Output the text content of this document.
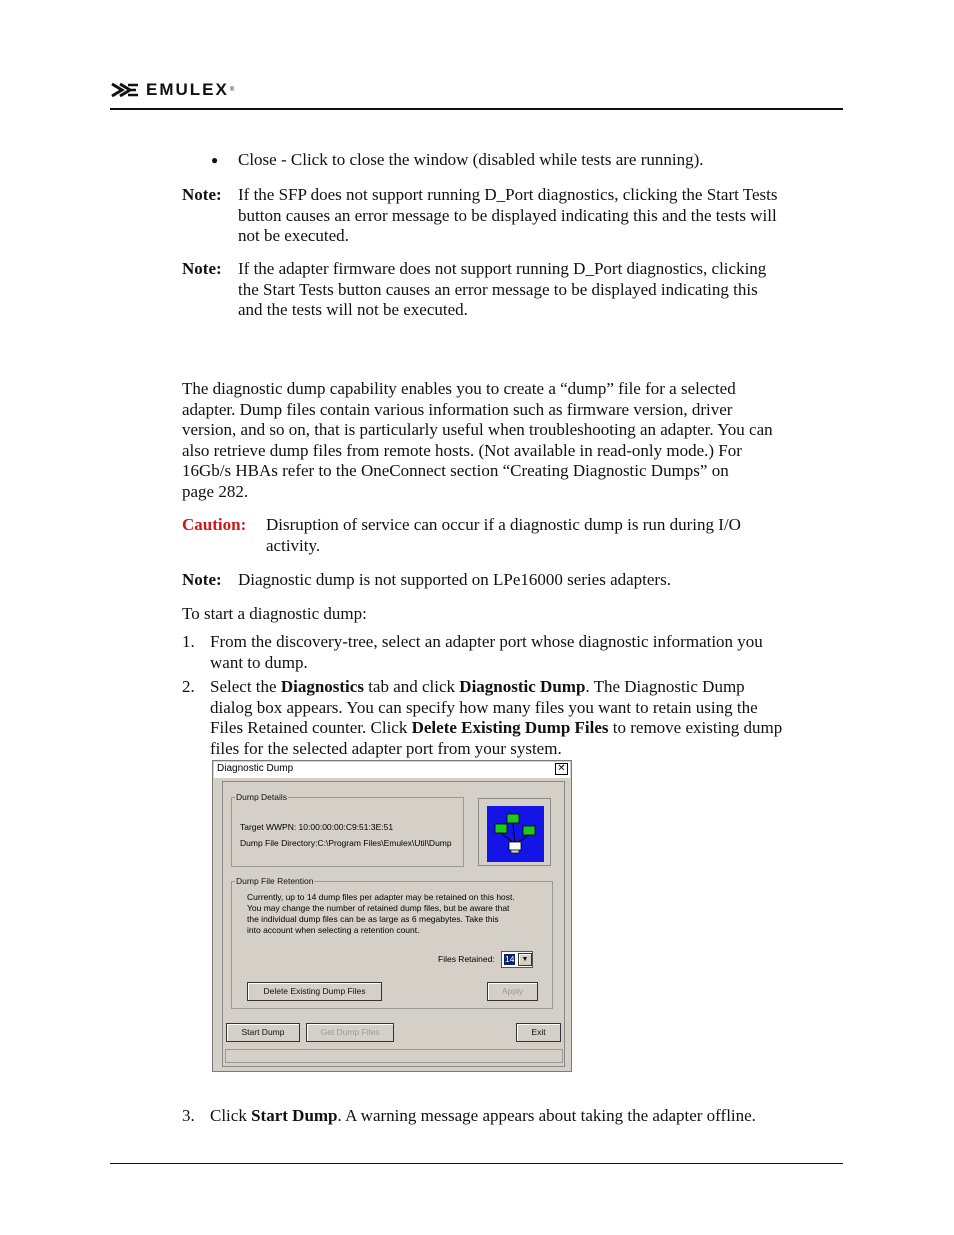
EMULEX ®
● Close - Click to close the window (disabled while tests are running).
Note: If the SFP does not support running D_Port diagnostics, clicking the Start Tests
button causes an error message to be displayed indicating this and the tests will
not be executed.
Note: If the adapter firmware does not support running D_Port diagnostics, clicking
the Start Tests button causes an error message to be displayed indicating this
and the tests will not be executed.
The diagnostic dump capability enables you to create a “dump” file for a selected
adapter. Dump files contain various information such as firmware version, driver
version, and so on, that is particularly useful when troubleshooting an adapter. You can
also retrieve dump files from remote hosts. (Not available in read-only mode.) For
16Gb/s HBAs refer to the OneConnect section “Creating Diagnostic Dumps” on
page 282.
Caution: Disruption of service can occur if a diagnostic dump is run during I/O
activity.
Note: Diagnostic dump is not supported on LPe16000 series adapters.
To start a diagnostic dump:
1. From the discovery-tree, select an adapter port whose diagnostic information you
want to dump.
2. Select the Diagnostics tab and click Diagnostic Dump. The Diagnostic Dump
dialog box appears. You can specify how many files you want to retain using the
Files Retained counter. Click Delete Existing Dump Files to remove existing dump
files for the selected adapter port from your system.
Diagnostic Dump	✕
Dump Details
Target WWPN: 10:00:00:00:C9:51:3E:51
Dump File Directory:C:\Program Files\Emulex\Util\Dump
Dump File Retention
Currently, up to 14 dump files per adapter may be retained on this host.
You may change the number of retained dump files, but be aware that
the individual dump files can be as large as 6 megabytes. Take this
into account when selecting a retention count.
Files Retained: 14	▼
Delete Existing Dump Files	Apply
Start Dump	Get Dump Files	Exit
3. Click Start Dump. A warning message appears about taking the adapter offline.
